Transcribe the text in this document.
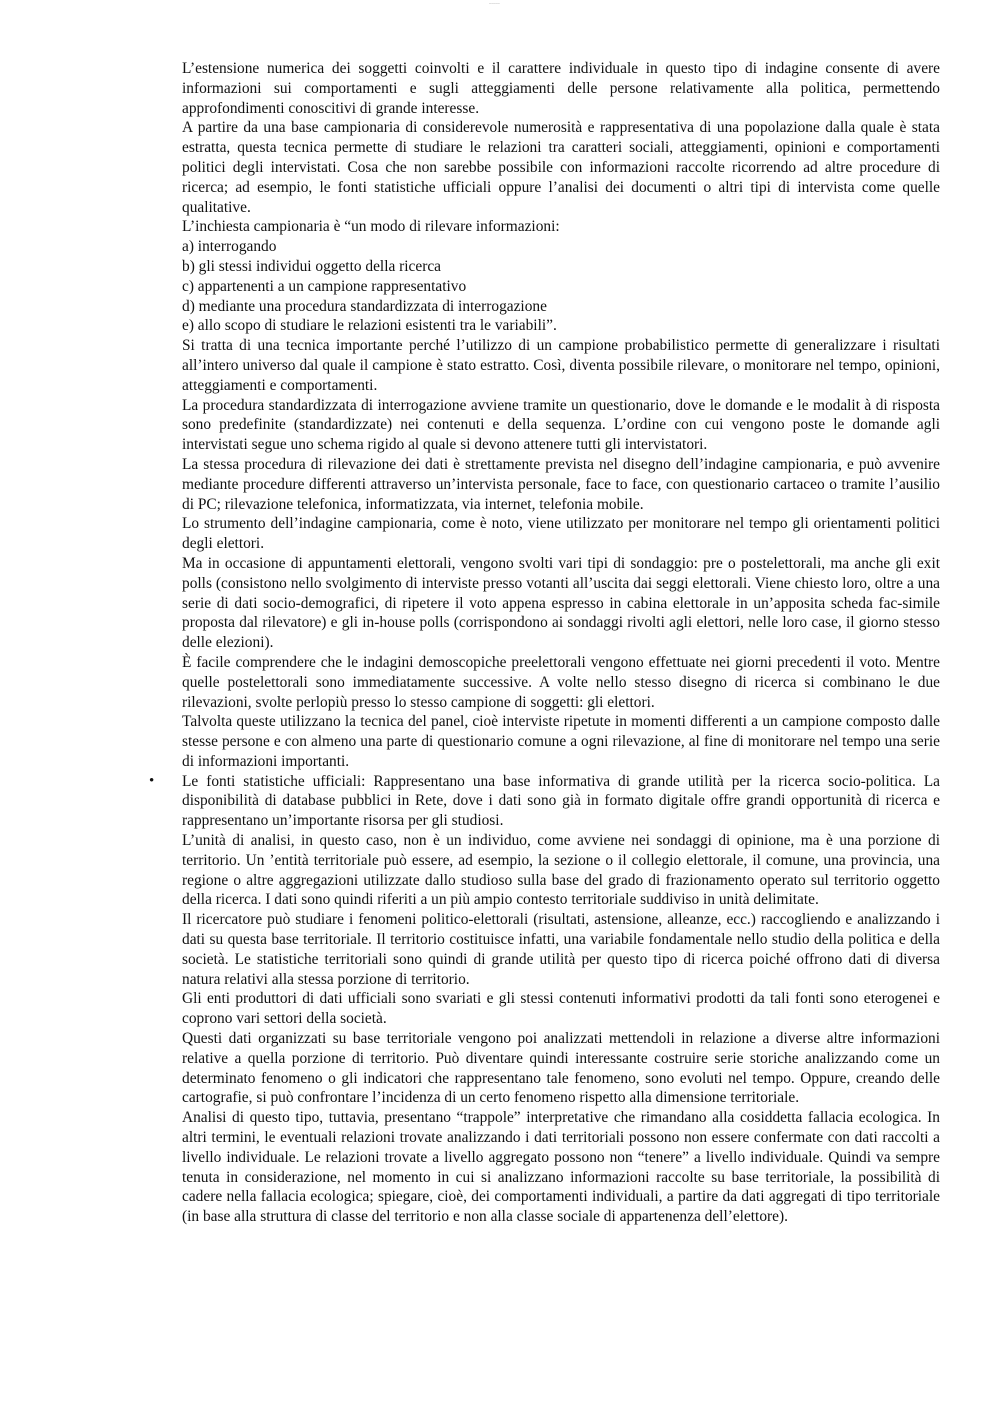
_____

L’estensione numerica dei soggetti coinvolti e il carattere individuale in questo tipo di indagine consente di avere informazioni sui comportamenti e sugli atteggiamenti delle persone relativamente alla politica, permettendo approfondimenti conoscitivi di grande interesse.

A partire da una base campionaria di considerevole numerosità e rappresentativa di una popolazione dalla quale è stata estratta, questa tecnica permette di studiare le relazioni tra caratteri sociali, atteggiamenti, opinioni e comportamenti politici degli intervistati. Cosa che non sarebbe possibile con informazioni raccolte ricorrendo ad altre procedure di ricerca; ad esempio, le fonti statistiche ufficiali oppure l’analisi dei documenti o altri tipi di intervista come quelle qualitative.

L’inchiesta campionaria è “un modo di rilevare informazioni:

a) interrogando

b) gli stessi individui oggetto della ricerca

c) appartenenti a un campione rappresentativo

d) mediante una procedura standardizzata di interrogazione

e) allo scopo di studiare le relazioni esistenti tra le variabili”.

Si tratta di una tecnica importante perché l’utilizzo di un campione probabilistico permette di generalizzare i risultati all’intero universo dal quale il campione è stato estratto. Così, diventa possibile rilevare, o monitorare nel tempo, opinioni, atteggiamenti e comportamenti.

La procedura standardizzata di interrogazione avviene tramite un questionario, dove le domande e le modalit à di risposta sono predefinite (standardizzate) nei contenuti e della sequenza. L’ordine con cui vengono poste le domande agli intervistati segue uno schema rigido al quale si devono attenere tutti gli intervistatori.

La stessa procedura di rilevazione dei dati è strettamente prevista nel disegno dell’indagine campionaria, e può avvenire mediante procedure differenti attraverso un’intervista personale, face to face, con questionario cartaceo o tramite l’ausilio di PC; rilevazione telefonica, informatizzata, via internet, telefonia mobile.

Lo strumento dell’indagine campionaria, come è noto, viene utilizzato per monitorare nel tempo gli orientamenti politici degli elettori.

Ma in occasione di appuntamenti elettorali, vengono svolti vari tipi di sondaggio: pre o postelettorali, ma anche gli exit polls (consistono nello svolgimento di interviste presso votanti all’uscita dai seggi elettorali. Viene chiesto loro, oltre a una serie di dati socio-demografici, di ripetere il voto appena espresso in cabina elettorale in un’apposita scheda fac-simile proposta dal rilevatore) e gli in-house polls (corrispondono ai sondaggi rivolti agli elettori, nelle loro case, il giorno stesso delle elezioni).

È facile comprendere che le indagini demoscopiche preelettorali vengono effettuate nei giorni precedenti il voto. Mentre quelle postelettorali sono immediatamente successive. A volte nello stesso disegno di ricerca si combinano le due rilevazioni, svolte perlopiù presso lo stesso campione di soggetti: gli elettori.

Talvolta queste utilizzano la tecnica del panel, cioè interviste ripetute in momenti differenti a un campione composto dalle stesse persone e con almeno una parte di questionario comune a ogni rilevazione, al fine di monitorare nel tempo una serie di informazioni importanti.

• Le fonti statistiche ufficiali: Rappresentano una base informativa di grande utilità per la ricerca socio-politica. La disponibilità di database pubblici in Rete, dove i dati sono già in formato digitale offre grandi opportunità di ricerca e rappresentano un’importante risorsa per gli studiosi.

L’unità di analisi, in questo caso, non è un individuo, come avviene nei sondaggi di opinione, ma è una porzione di territorio. Un ’entità territoriale può essere, ad esempio, la sezione o il collegio elettorale, il comune, una provincia, una regione o altre aggregazioni utilizzate dallo studioso sulla base del grado di frazionamento operato sul territorio oggetto della ricerca. I dati sono quindi riferiti a un più ampio contesto territoriale suddiviso in unità delimitate.

Il ricercatore può studiare i fenomeni politico-elettorali (risultati, astensione, alleanze, ecc.) raccogliendo e analizzando i dati su questa base territoriale. Il territorio costituisce infatti, una variabile fondamentale nello studio della politica e della società. Le statistiche territoriali sono quindi di grande utilità per questo tipo di ricerca poiché offrono dati di diversa natura relativi alla stessa porzione di territorio.

Gli enti produttori di dati ufficiali sono svariati e gli stessi contenuti informativi prodotti da tali fonti sono eterogenei e coprono vari settori della società.

Questi dati organizzati su base territoriale vengono poi analizzati mettendoli in relazione a diverse altre informazioni relative a quella porzione di territorio. Può diventare quindi interessante costruire serie storiche analizzando come un determinato fenomeno o gli indicatori che rappresentano tale fenomeno, sono evoluti nel tempo. Oppure, creando delle cartografie, si può confrontare l’incidenza di un certo fenomeno rispetto alla dimensione territoriale.

Analisi di questo tipo, tuttavia, presentano “trappole” interpretative che rimandano alla cosiddetta fallacia ecologica. In altri termini, le eventuali relazioni trovate analizzando i dati territoriali possono non essere confermate con dati raccolti a livello individuale. Le relazioni trovate a livello aggregato possono non “tenere” a livello individuale. Quindi va sempre tenuta in considerazione, nel momento in cui si analizzano informazioni raccolte su base territoriale, la possibilità di cadere nella fallacia ecologica; spiegare, cioè, dei comportamenti individuali, a partire da dati aggregati di tipo territoriale (in base alla struttura di classe del territorio e non alla classe sociale di appartenenza dell’elettore).
